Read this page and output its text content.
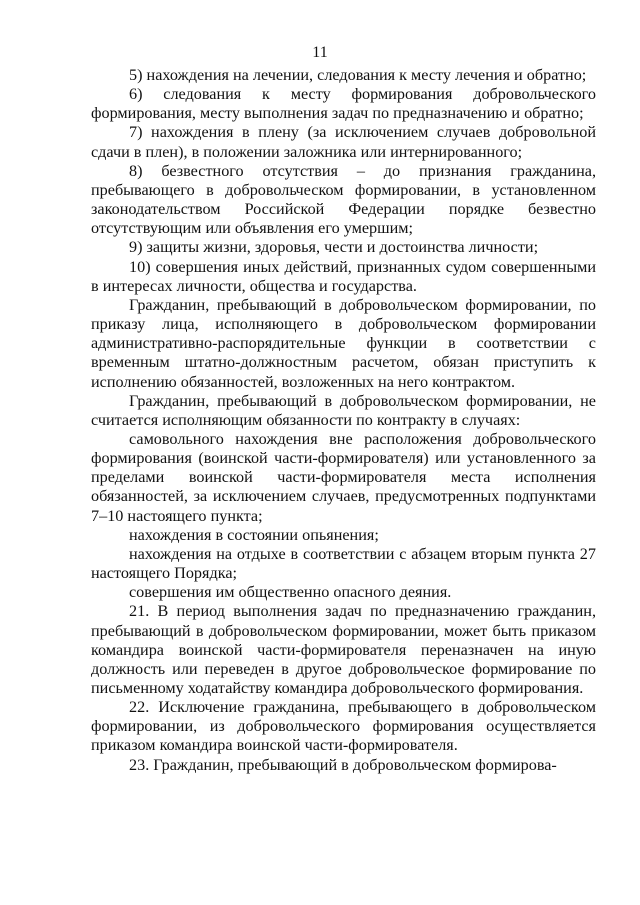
11

5) нахождения на лечении, следования к месту лечения и обратно;

6) следования к месту формирования добровольческого формирования, месту выполнения задач по предназначению и обратно;

7) нахождения в плену (за исключением случаев добровольной сдачи в плен), в положении заложника или интернированного;

8) безвестного отсутствия – до признания гражданина, пребывающего в добровольческом формировании, в установленном законодательством Российской Федерации порядке безвестно отсутствующим или объявления его умершим;

9) защиты жизни, здоровья, чести и достоинства личности;

10) совершения иных действий, признанных судом совершенными в интересах личности, общества и государства.

Гражданин, пребывающий в добровольческом формировании, по приказу лица, исполняющего в добровольческом формировании административно-распорядительные функции в соответствии с временным штатно-должностным расчетом, обязан приступить к исполнению обязанностей, возложенных на него контрактом.

Гражданин, пребывающий в добровольческом формировании, не считается исполняющим обязанности по контракту в случаях:

самовольного нахождения вне расположения добровольческого формирования (воинской части-формирователя) или установленного за пределами воинской части-формирователя места исполнения обязанностей, за исключением случаев, предусмотренных подпунктами 7–10 настоящего пункта;

нахождения в состоянии опьянения;

нахождения на отдыхе в соответствии с абзацем вторым пункта 27 настоящего Порядка;

совершения им общественно опасного деяния.

21. В период выполнения задач по предназначению гражданин, пребывающий в добровольческом формировании, может быть приказом командира воинской части-формирователя переназначен на иную должность или переведен в другое добровольческое формирование по письменному ходатайству командира добровольческого формирования.

22. Исключение гражданина, пребывающего в добровольческом формировании, из добровольческого формирования осуществляется приказом командира воинской части-формирователя.

23. Гражданин, пребывающий в добровольческом формирова-
